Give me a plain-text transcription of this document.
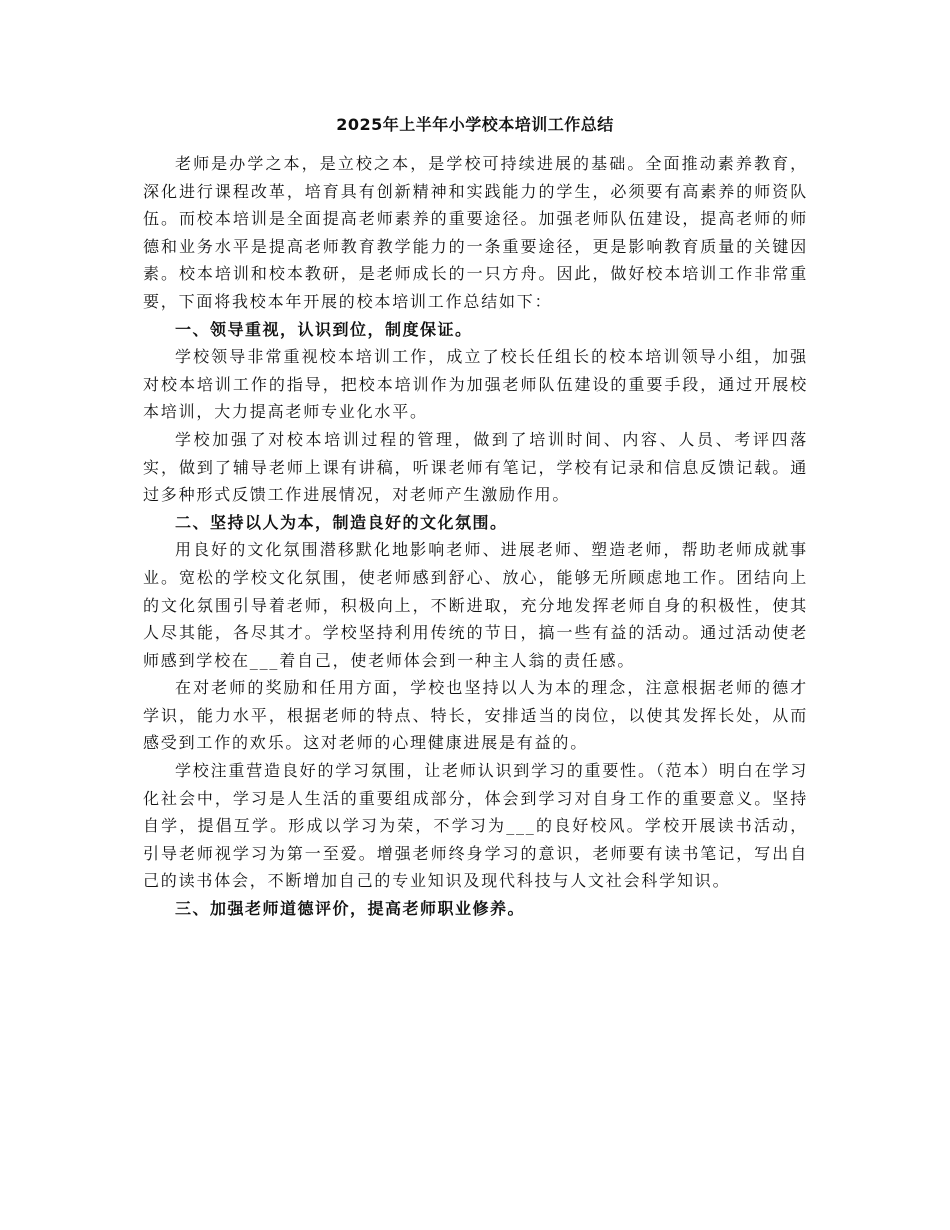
2025年上半年小学校本培训工作总结

老师是办学之本，是立校之本，是学校可持续进展的基础。全面推动素养教育，深化进行课程改革，培育具有创新精神和实践能力的学生，必须要有高素养的师资队伍。而校本培训是全面提高老师素养的重要途径。加强老师队伍建设，提高老师的师德和业务水平是提高老师教育教学能力的一条重要途径，更是影响教育质量的关键因素。校本培训和校本教研，是老师成长的一只方舟。因此，做好校本培训工作非常重要，下面将我校本年开展的校本培训工作总结如下：

一、领导重视，认识到位，制度保证。

学校领导非常重视校本培训工作，成立了校长任组长的校本培训领导小组，加强对校本培训工作的指导，把校本培训作为加强老师队伍建设的重要手段，通过开展校本培训，大力提高老师专业化水平。

学校加强了对校本培训过程的管理，做到了培训时间、内容、人员、考评四落实，做到了辅导老师上课有讲稿，听课老师有笔记，学校有记录和信息反馈记载。通过多种形式反馈工作进展情况，对老师产生激励作用。

二、坚持以人为本，制造良好的文化氛围。

用良好的文化氛围潜移默化地影响老师、进展老师、塑造老师，帮助老师成就事业。宽松的学校文化氛围，使老师感到舒心、放心，能够无所顾虑地工作。团结向上的文化氛围引导着老师，积极向上，不断进取，充分地发挥老师自身的积极性，使其人尽其能，各尽其才。学校坚持利用传统的节日，搞一些有益的活动。通过活动使老师感到学校在___着自己，使老师体会到一种主人翁的责任感。

在对老师的奖励和任用方面，学校也坚持以人为本的理念，注意根据老师的德才学识，能力水平，根据老师的特点、特长，安排适当的岗位，以使其发挥长处，从而感受到工作的欢乐。这对老师的心理健康进展是有益的。

学校注重营造良好的学习氛围，让老师认识到学习的重要性。（范本）明白在学习化社会中，学习是人生活的重要组成部分，体会到学习对自身工作的重要意义。坚持自学，提倡互学。形成以学习为荣，不学习为___的良好校风。学校开展读书活动，引导老师视学习为第一至爱。增强老师终身学习的意识，老师要有读书笔记，写出自己的读书体会，不断增加自己的专业知识及现代科技与人文社会科学知识。

三、加强老师道德评价，提高老师职业修养。
